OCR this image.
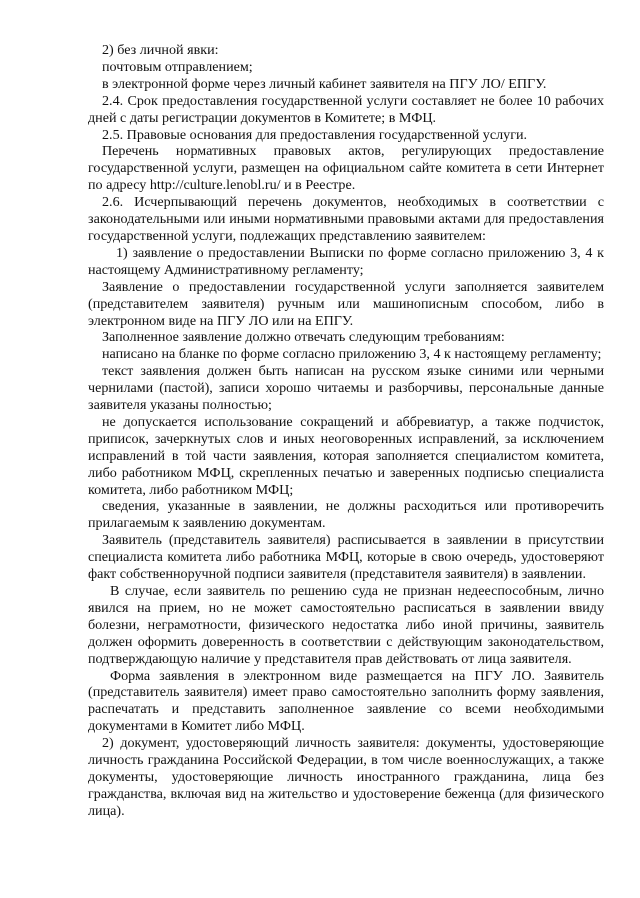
2) без личной явки:

почтовым отправлением;

в электронной форме через личный кабинет заявителя на ПГУ ЛО/ ЕПГУ.

2.4. Срок предоставления государственной услуги составляет не более 10 рабочих дней с даты регистрации документов в Комитете; в МФЦ.

2.5. Правовые основания для предоставления государственной услуги.

Перечень нормативных правовых актов, регулирующих предоставление государственной услуги, размещен на официальном сайте комитета в сети Интернет по адресу http://culture.lenobl.ru/ и в Реестре.

2.6. Исчерпывающий перечень документов, необходимых в соответствии с законодательными или иными нормативными правовыми актами для предоставления государственной услуги, подлежащих представлению заявителем:

1) заявление о предоставлении Выписки по форме согласно приложению 3, 4 к настоящему Административному регламенту;

Заявление о предоставлении государственной услуги заполняется заявителем (представителем заявителя) ручным или машинописным способом, либо в электронном виде на ПГУ ЛО или на ЕПГУ.

Заполненное заявление должно отвечать следующим требованиям:

написано на бланке по форме согласно приложению 3, 4 к настоящему регламенту;

текст заявления должен быть написан на русском языке синими или черными чернилами (пастой), записи хорошо читаемы и разборчивы, персональные данные заявителя указаны полностью;

не допускается использование сокращений и аббревиатур, а также подчисток, приписок, зачеркнутых слов и иных неоговоренных исправлений, за исключением исправлений в той части заявления, которая заполняется специалистом комитета, либо работником МФЦ, скрепленных печатью и заверенных подписью специалиста комитета, либо работником МФЦ;

сведения, указанные в заявлении, не должны расходиться или противоречить прилагаемым к заявлению документам.

Заявитель (представитель заявителя) расписывается в заявлении в присутствии специалиста комитета либо работника МФЦ, которые в свою очередь, удостоверяют факт собственноручной подписи заявителя (представителя заявителя) в заявлении.

В случае, если заявитель по решению суда не признан недееспособным, лично явился на прием, но не может самостоятельно расписаться в заявлении ввиду болезни, неграмотности, физического недостатка либо иной причины, заявитель должен оформить доверенность в соответствии с действующим законодательством, подтверждающую наличие у представителя прав действовать от лица заявителя.

Форма заявления в электронном виде размещается на ПГУ ЛО. Заявитель (представитель заявителя) имеет право самостоятельно заполнить форму заявления, распечатать и представить заполненное заявление со всеми необходимыми документами в Комитет либо МФЦ.

2) документ, удостоверяющий личность заявителя: документы, удостоверяющие личность гражданина Российской Федерации, в том числе военнослужащих, а также документы, удостоверяющие личность иностранного гражданина, лица без гражданства, включая вид на жительство и удостоверение беженца (для физического лица).
